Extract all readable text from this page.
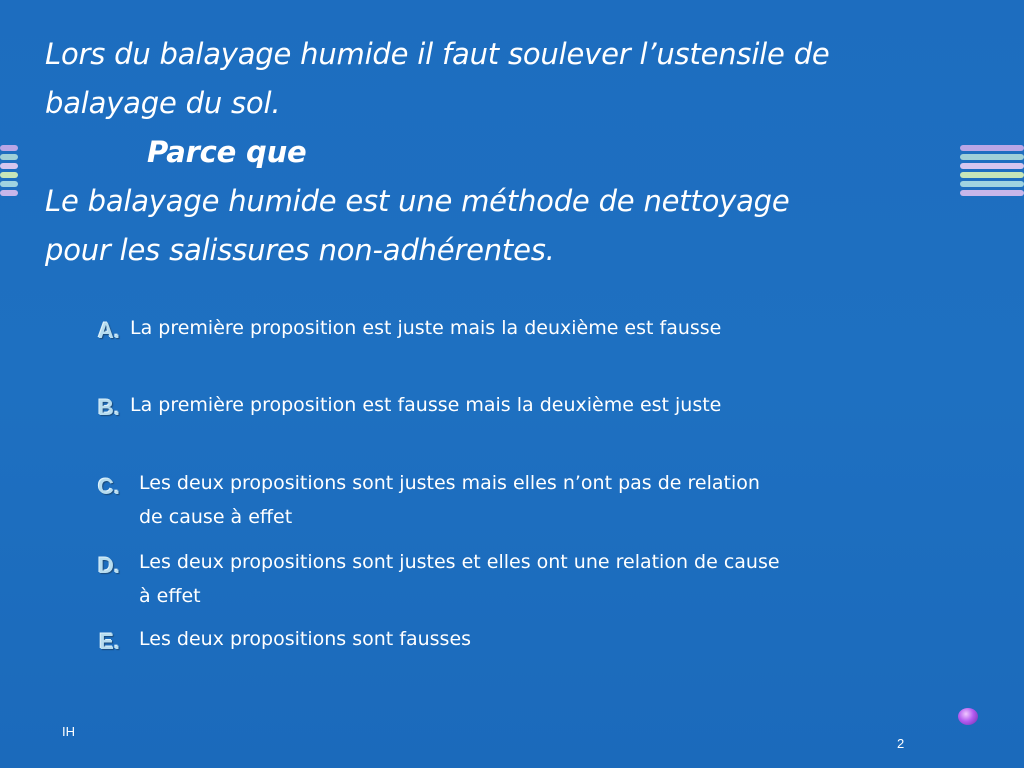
Lors du balayage humide il faut soulever l’ustensile de
balayage du sol.
Parce que
Le balayage humide est une méthode de nettoyage
pour les salissures non-adhérentes.
A. La première proposition est juste mais la deuxième est fausse
B. La première proposition est fausse mais la deuxième est juste
C. Les deux propositions sont justes mais elles n’ont pas de relation
de cause à effet
D. Les deux propositions sont justes et elles ont une relation de cause
à effet
E. Les deux propositions sont fausses
IH
2
